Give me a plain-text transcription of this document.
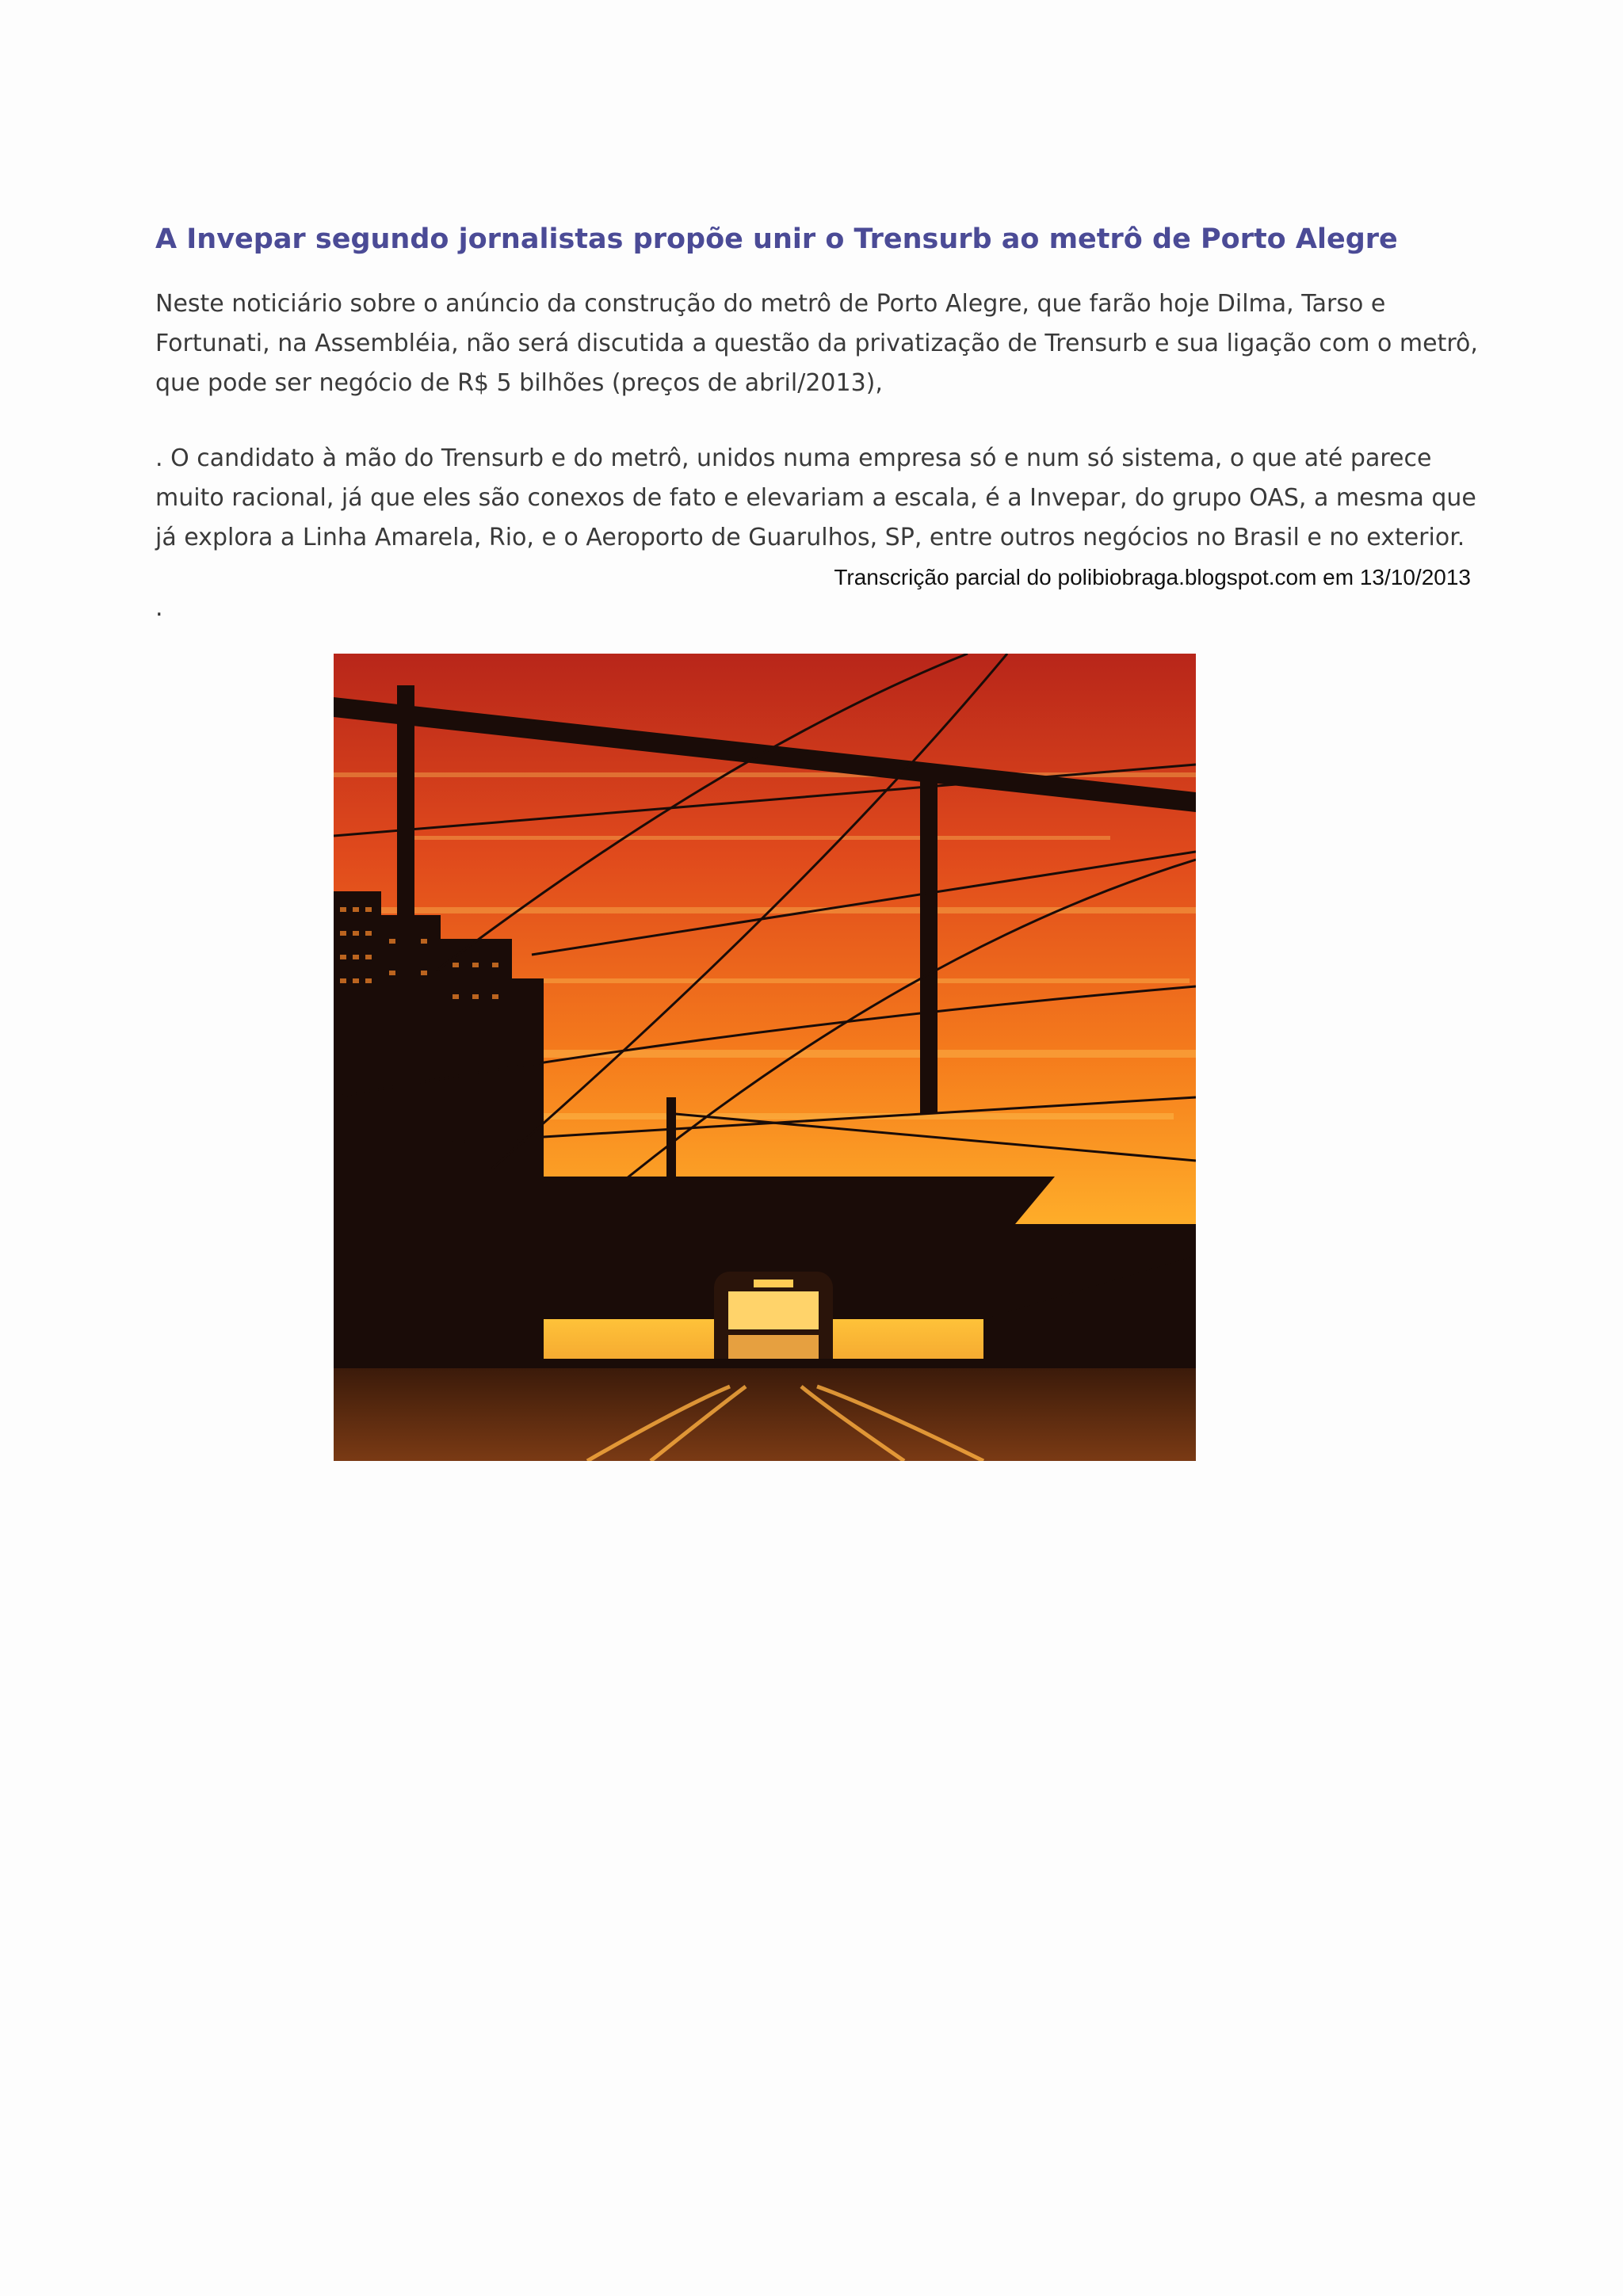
A Invepar segundo jornalistas propõe unir o Trensurb ao metrô de Porto Alegre

Neste noticiário sobre o anúncio da construção do metrô de Porto Alegre, que farão hoje Dilma, Tarso e Fortunati, na Assembléia, não será discutida a questão da privatização de Trensurb e sua ligação com o metrô, que pode ser negócio de R$ 5 bilhões (preços de abril/2013),

. O candidato à mão do Trensurb e do metrô, unidos numa empresa só e num só sistema, o que até parece muito racional, já que eles são conexos de fato e elevariam a escala, é a Invepar, do grupo OAS, a mesma que já explora a Linha Amarela, Rio, e o Aeroporto de Guarulhos, SP, entre outros negócios no Brasil e no exterior.

Transcrição parcial do polibiobraga.blogspot.com em 13/10/2013
.
